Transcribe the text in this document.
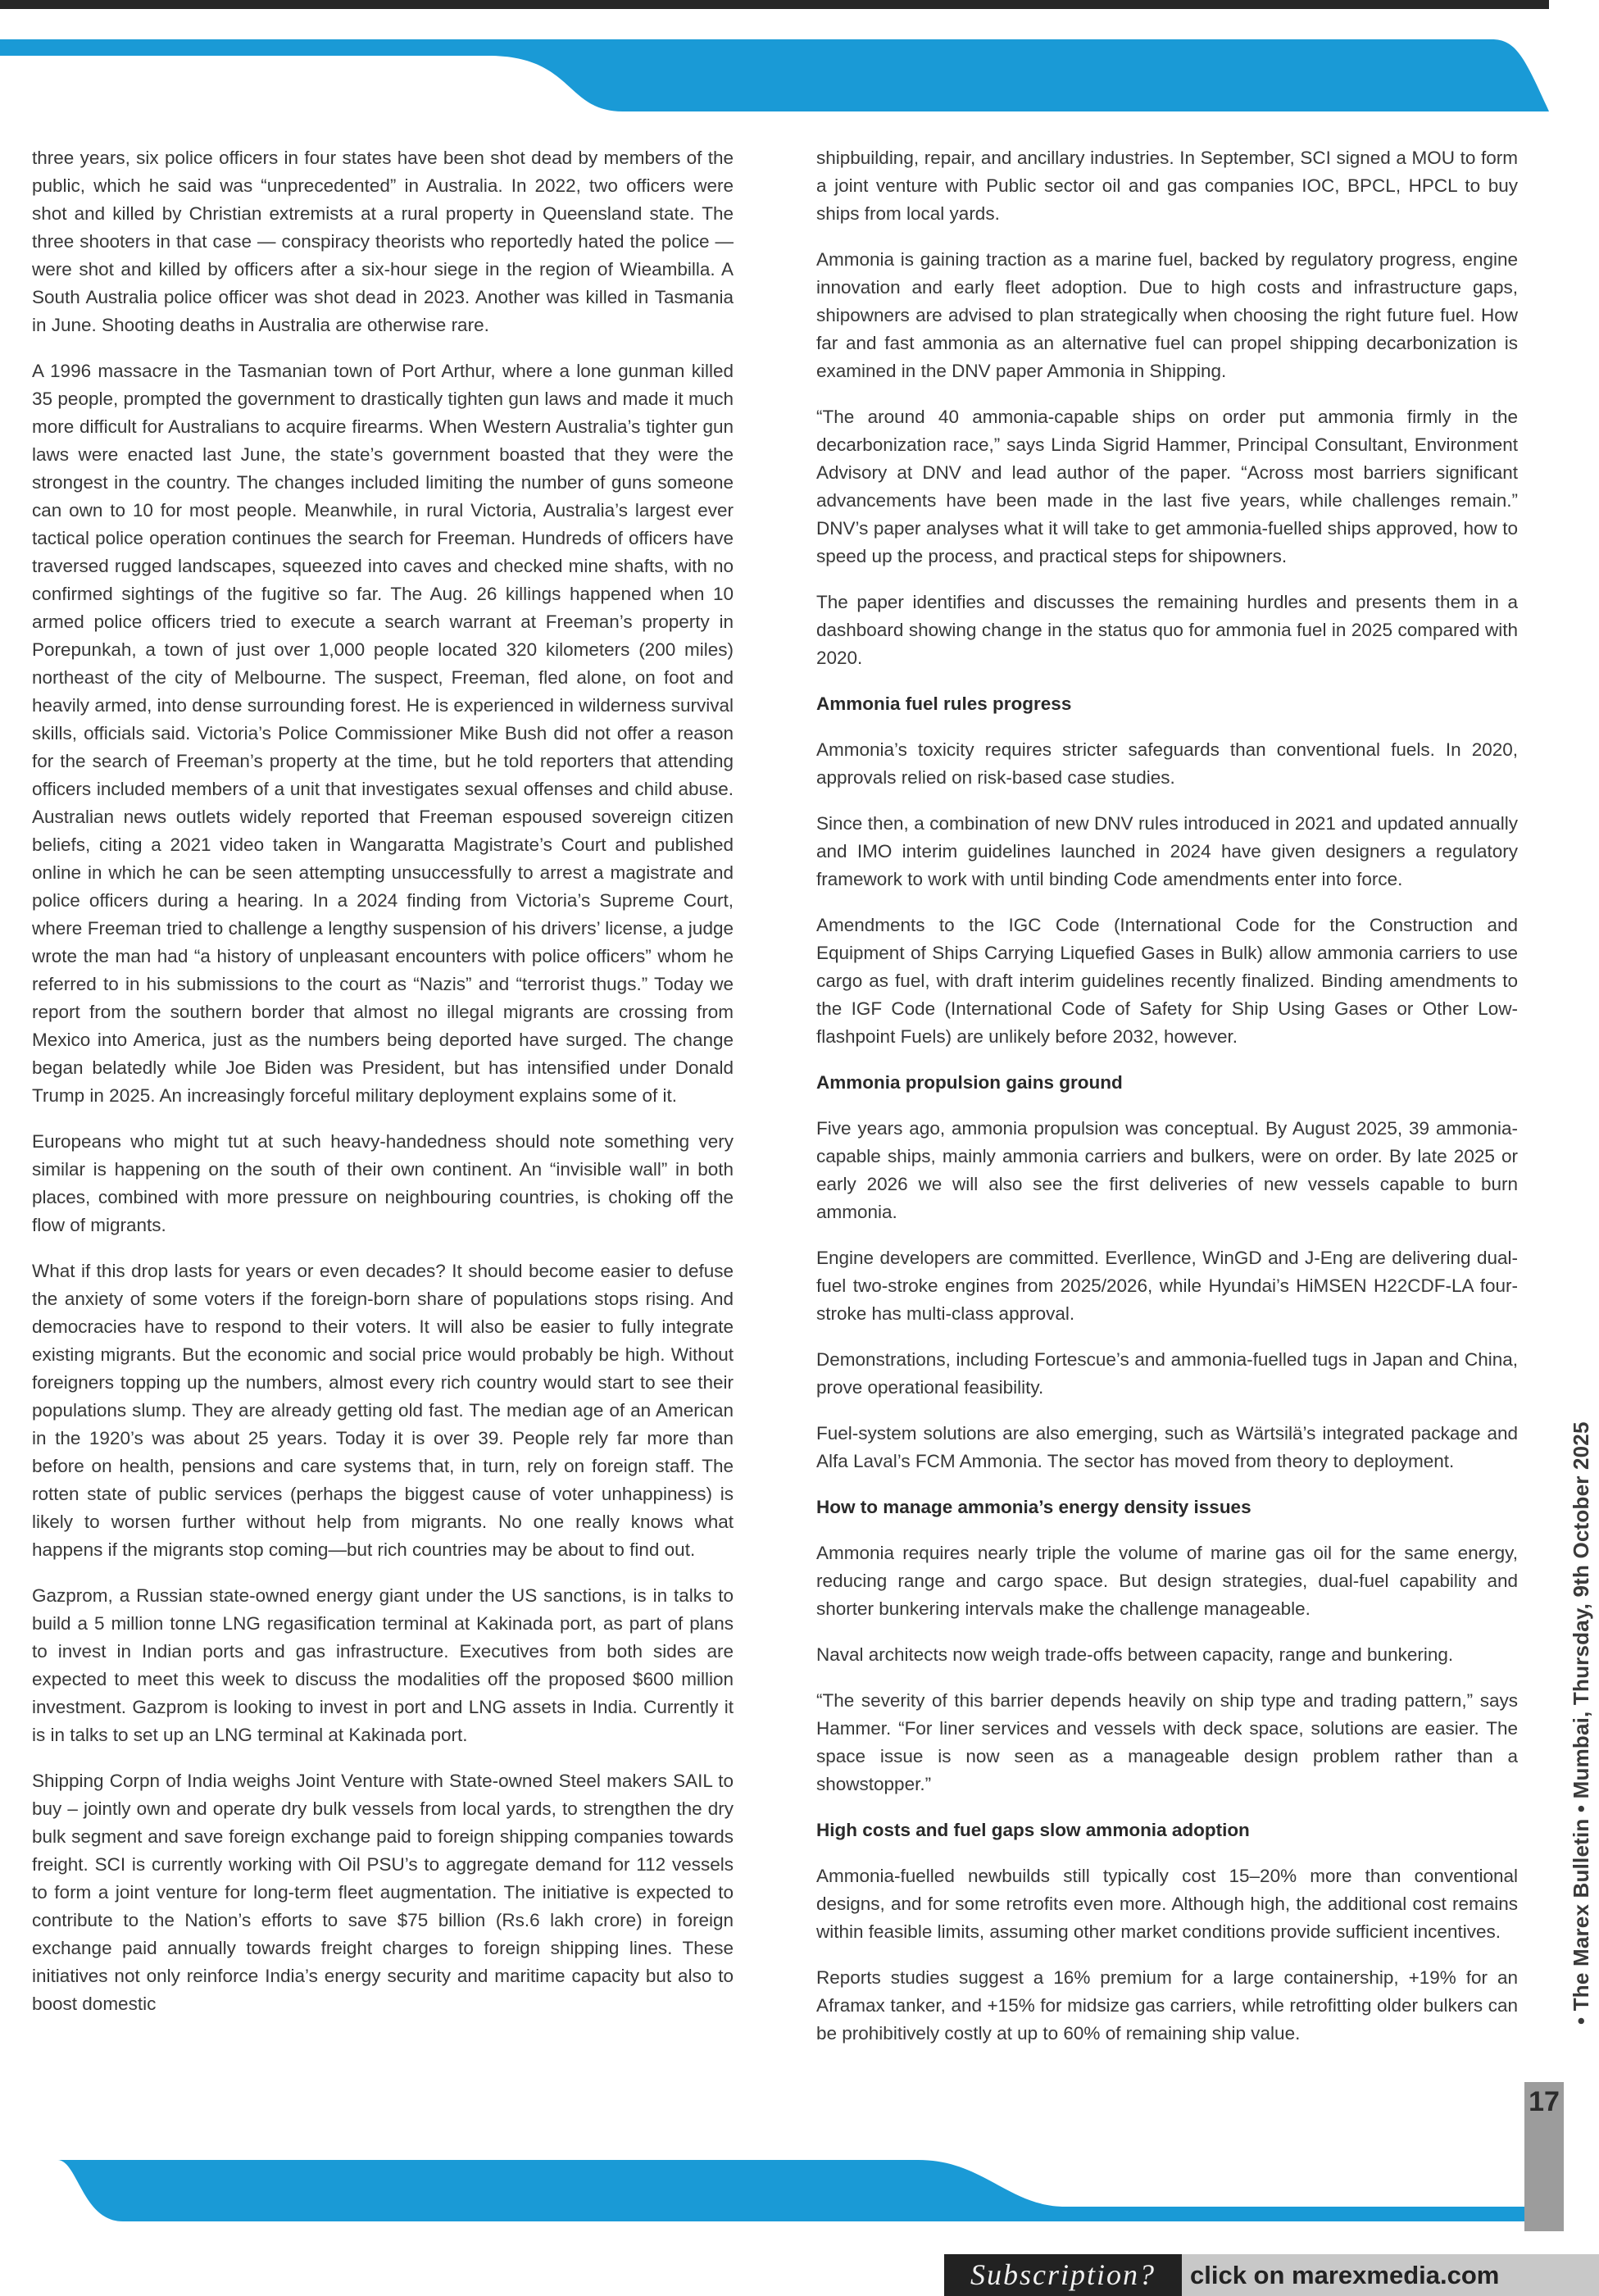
three years, six police officers in four states have been shot dead by members of the public, which he said was “unprecedented” in Australia. In 2022, two officers were shot and killed by Christian extremists at a rural property in Queensland state. The three shooters in that case — conspiracy theorists who reportedly hated the police — were shot and killed by officers after a six-hour siege in the region of Wieambilla. A South Australia police officer was shot dead in 2023. Another was killed in Tasmania in June. Shooting deaths in Australia are otherwise rare.

A 1996 massacre in the Tasmanian town of Port Arthur, where a lone gunman killed 35 people, prompted the government to drastically tighten gun laws and made it much more difficult for Australians to acquire firearms. When Western Australia’s tighter gun laws were enacted last June, the state’s government boasted that they were the strongest in the country. The changes included limiting the number of guns someone can own to 10 for most people. Meanwhile, in rural Victoria, Australia’s largest ever tactical police operation continues the search for Freeman. Hundreds of officers have traversed rugged landscapes, squeezed into caves and checked mine shafts, with no confirmed sightings of the fugitive so far. The Aug. 26 killings happened when 10 armed police officers tried to execute a search warrant at Freeman’s property in Porepunkah, a town of just over 1,000 people located 320 kilometers (200 miles) northeast of the city of Melbourne. The suspect, Freeman, fled alone, on foot and heavily armed, into dense surrounding forest. He is experienced in wilderness survival skills, officials said. Victoria’s Police Commissioner Mike Bush did not offer a reason for the search of Freeman’s property at the time, but he told reporters that attending officers included members of a unit that investigates sexual offenses and child abuse. Australian news outlets widely reported that Freeman espoused sovereign citizen beliefs, citing a 2021 video taken in Wangaratta Magistrate’s Court and published online in which he can be seen attempting unsuccessfully to arrest a magistrate and police officers during a hearing. In a 2024 finding from Victoria’s Supreme Court, where Freeman tried to challenge a lengthy suspension of his drivers’ license, a judge wrote the man had “a history of unpleasant encounters with police officers” whom he referred to in his submissions to the court as “Nazis” and “terrorist thugs.” Today we report from the southern border that almost no illegal migrants are crossing from Mexico into America, just as the numbers being deported have surged. The change began belatedly while Joe Biden was President, but has intensified under Donald Trump in 2025. An increasingly forceful military deployment explains some of it.

Europeans who might tut at such heavy-handedness should note something very similar is happening on the south of their own continent. An “invisible wall” in both places, combined with more pressure on neighbouring countries, is choking off the flow of migrants.

What if this drop lasts for years or even decades? It should become easier to defuse the anxiety of some voters if the foreign-born share of populations stops rising. And democracies have to respond to their voters. It will also be easier to fully integrate existing migrants. But the economic and social price would probably be high. Without foreigners topping up the numbers, almost every rich country would start to see their populations slump. They are already getting old fast. The median age of an American in the 1920’s was about 25 years. Today it is over 39. People rely far more than before on health, pensions and care systems that, in turn, rely on foreign staff. The rotten state of public services (perhaps the biggest cause of voter unhappiness) is likely to worsen further without help from migrants. No one really knows what happens if the migrants stop coming—but rich countries may be about to find out.

Gazprom, a Russian state-owned energy giant under the US sanctions, is in talks to build a 5 million tonne LNG regasification terminal at Kakinada port, as part of plans to invest in Indian ports and gas infrastructure. Executives from both sides are expected to meet this week to discuss the modalities off the proposed $600 million investment. Gazprom is looking to invest in port and LNG assets in India. Currently it is in talks to set up an LNG terminal at Kakinada port.

Shipping Corpn of India weighs Joint Venture with State-owned Steel makers SAIL to buy – jointly own and operate dry bulk vessels from local yards, to strengthen the dry bulk segment and save foreign exchange paid to foreign shipping companies towards freight. SCI is currently working with Oil PSU’s to aggregate demand for 112 vessels to form a joint venture for long-term fleet augmentation. The initiative is expected to contribute to the Nation’s efforts to save $75 billion (Rs.6 lakh crore) in foreign exchange paid annually towards freight charges to foreign shipping lines. These initiatives not only reinforce India’s energy security and maritime capacity but also to boost domestic

shipbuilding, repair, and ancillary industries. In September, SCI signed a MOU to form a joint venture with Public sector oil and gas companies IOC, BPCL, HPCL to buy ships from local yards.

Ammonia is gaining traction as a marine fuel, backed by regulatory progress, engine innovation and early fleet adoption. Due to high costs and infrastructure gaps, shipowners are advised to plan strategically when choosing the right future fuel. How far and fast ammonia as an alternative fuel can propel shipping decarbonization is examined in the DNV paper Ammonia in Shipping.

“The around 40 ammonia-capable ships on order put ammonia firmly in the decarbonization race,” says Linda Sigrid Hammer, Principal Consultant, Environment Advisory at DNV and lead author of the paper. “Across most barriers significant advancements have been made in the last five years, while challenges remain.” DNV’s paper analyses what it will take to get ammonia-fuelled ships approved, how to speed up the process, and practical steps for shipowners.

The paper identifies and discusses the remaining hurdles and presents them in a dashboard showing change in the status quo for ammonia fuel in 2025 compared with 2020.

Ammonia fuel rules progress

Ammonia’s toxicity requires stricter safeguards than conventional fuels. In 2020, approvals relied on risk-based case studies.

Since then, a combination of new DNV rules introduced in 2021 and updated annually and IMO interim guidelines launched in 2024 have given designers a regulatory framework to work with until binding Code amendments enter into force.

Amendments to the IGC Code (International Code for the Construction and Equipment of Ships Carrying Liquefied Gases in Bulk) allow ammonia carriers to use cargo as fuel, with draft interim guidelines recently finalized. Binding amendments to the IGF Code (International Code of Safety for Ship Using Gases or Other Low-flashpoint Fuels) are unlikely before 2032, however.

Ammonia propulsion gains ground

Five years ago, ammonia propulsion was conceptual. By August 2025, 39 ammonia- capable ships, mainly ammonia carriers and bulkers, were on order. By late 2025 or early 2026 we will also see the first deliveries of new vessels capable to burn ammonia.

Engine developers are committed. Everllence, WinGD and J-Eng are delivering dual-fuel two-stroke engines from 2025/2026, while Hyundai’s HiMSEN H22CDF-LA four-stroke has multi-class approval.

Demonstrations, including Fortescue’s and ammonia-fuelled tugs in Japan and China, prove operational feasibility.

Fuel-system solutions are also emerging, such as Wärtsilä’s integrated package and Alfa Laval’s FCM Ammonia. The sector has moved from theory to deployment.

How to manage ammonia’s energy density issues

Ammonia requires nearly triple the volume of marine gas oil for the same energy, reducing range and cargo space. But design strategies, dual-fuel capability and shorter bunkering intervals make the challenge manageable.

Naval architects now weigh trade-offs between capacity, range and bunkering.

“The severity of this barrier depends heavily on ship type and trading pattern,” says Hammer. “For liner services and vessels with deck space, solutions are easier. The space issue is now seen as a manageable design problem rather than a showstopper.”

High costs and fuel gaps slow ammonia adoption

Ammonia-fuelled newbuilds still typically cost 15–20% more than conventional designs, and for some retrofits even more. Although high, the additional cost remains within feasible limits, assuming other market conditions provide sufficient incentives.

Reports studies suggest a 16% premium for a large containership, +19% for an Aframax tanker, and +15% for midsize gas carriers, while retrofitting older bulkers can be prohibitively costly at up to 60% of remaining ship value.

• The Marex Bulletin • Mumbai, Thursday, 9th October 2025
17
Subscription?	click on marexmedia.com
